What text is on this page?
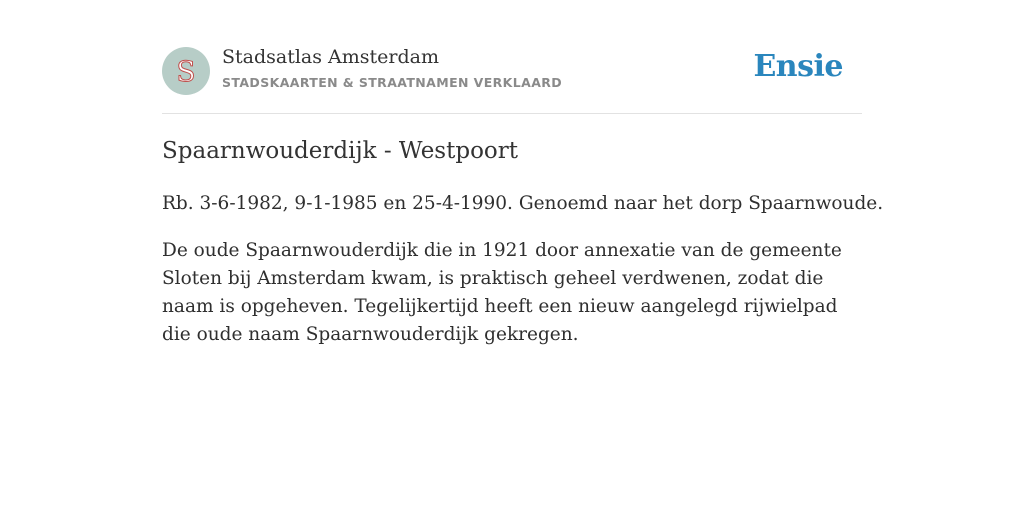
S Stadsatlas Amsterdam
STADSKAARTEN & STRAATNAMEN VERKLAARD	Ensie
Spaarnwouderdijk - Westpoort

Rb. 3-6-1982, 9-1-1985 en 25-4-1990. Genoemd naar het dorp Spaarnwoude.

De oude Spaarnwouderdijk die in 1921 door annexatie van de gemeente Sloten bij Amsterdam kwam, is praktisch geheel verdwenen, zodat die naam is opgeheven. Tegelijkertijd heeft een nieuw aangelegd rijwielpad die oude naam Spaarnwouderdijk gekregen.
